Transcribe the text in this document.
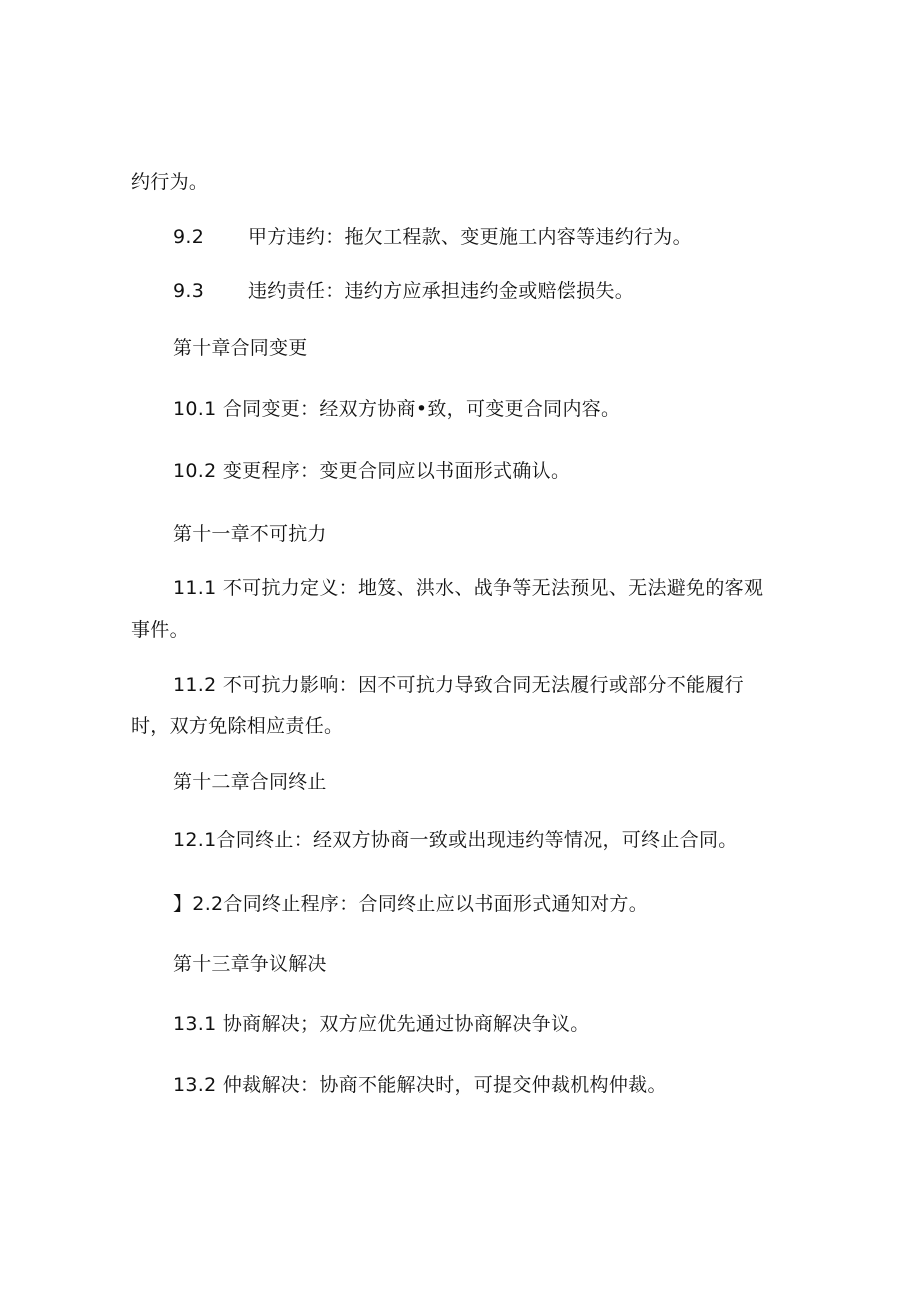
约行为。
9.2 甲方违约：拖欠工程款、变更施工内容等违约行为。
9.3 违约责任：违约方应承担违约金或赔偿损失。
第十章合同变更
10.1 合同变更：经双方协商•致，可变更合同内容。
10.2 变更程序：变更合同应以书面形式确认。
第十一章不可抗力
11.1 不可抗力定义：地笈、洪水、战争等无法预见、无法避免的客观
事件。
11.2 不可抗力影响：因不可抗力导致合同无法履行或部分不能履行
时，双方免除相应责任。
第十二章合同终止
12.1合同终止：经双方协商一致或出现违约等情况，可终止合同。
】2.2合同终止程序：合同终止应以书面形式通知对方。
第十三章争议解决
13.1 协商解决；双方应优先通过协商解决争议。
13.2 仲裁解决：协商不能解决时，可提交仲裁机构仲裁。
